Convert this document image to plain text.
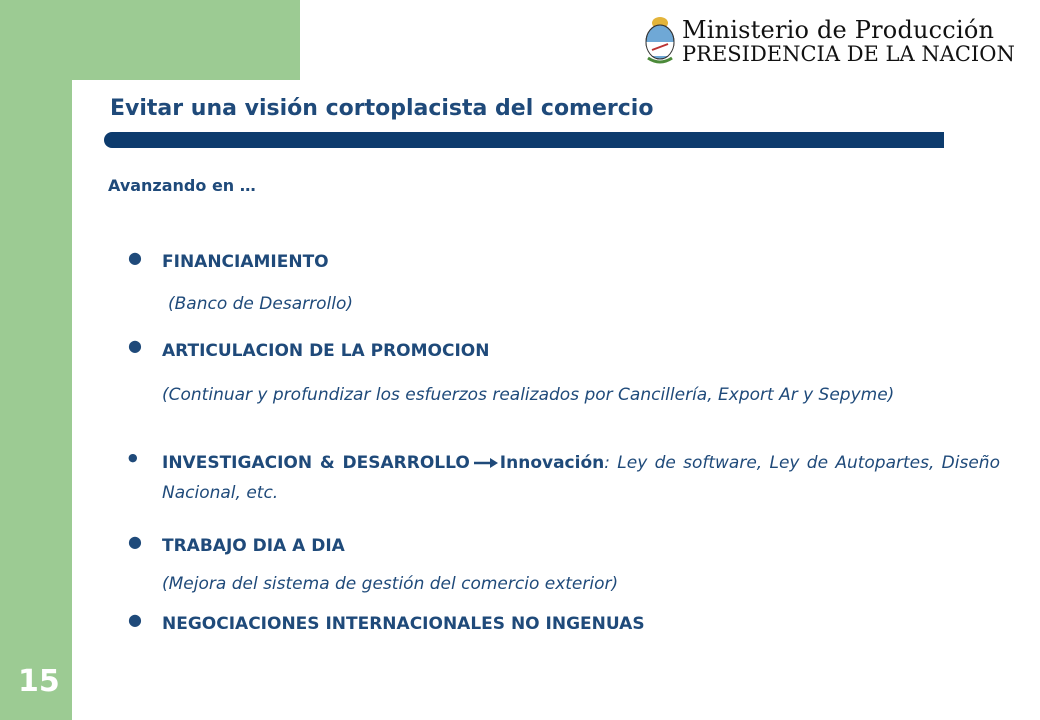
15
Ministerio de Producción
PRESIDENCIA DE LA NACION
Evitar una visión cortoplacista del comercio
Avanzando en …
● FINANCIAMIENTO
(Banco de Desarrollo)
● ARTICULACION DE LA PROMOCION
(Continuar y profundizar los esfuerzos realizados por Cancillería, Export Ar y Sepyme)
● INVESTIGACION & DESARROLLO Innovación: Ley de software, Ley de Autopartes, Diseño Nacional, etc.
● TRABAJO DIA A DIA
(Mejora del sistema de gestión del comercio exterior)
● NEGOCIACIONES INTERNACIONALES NO INGENUAS
